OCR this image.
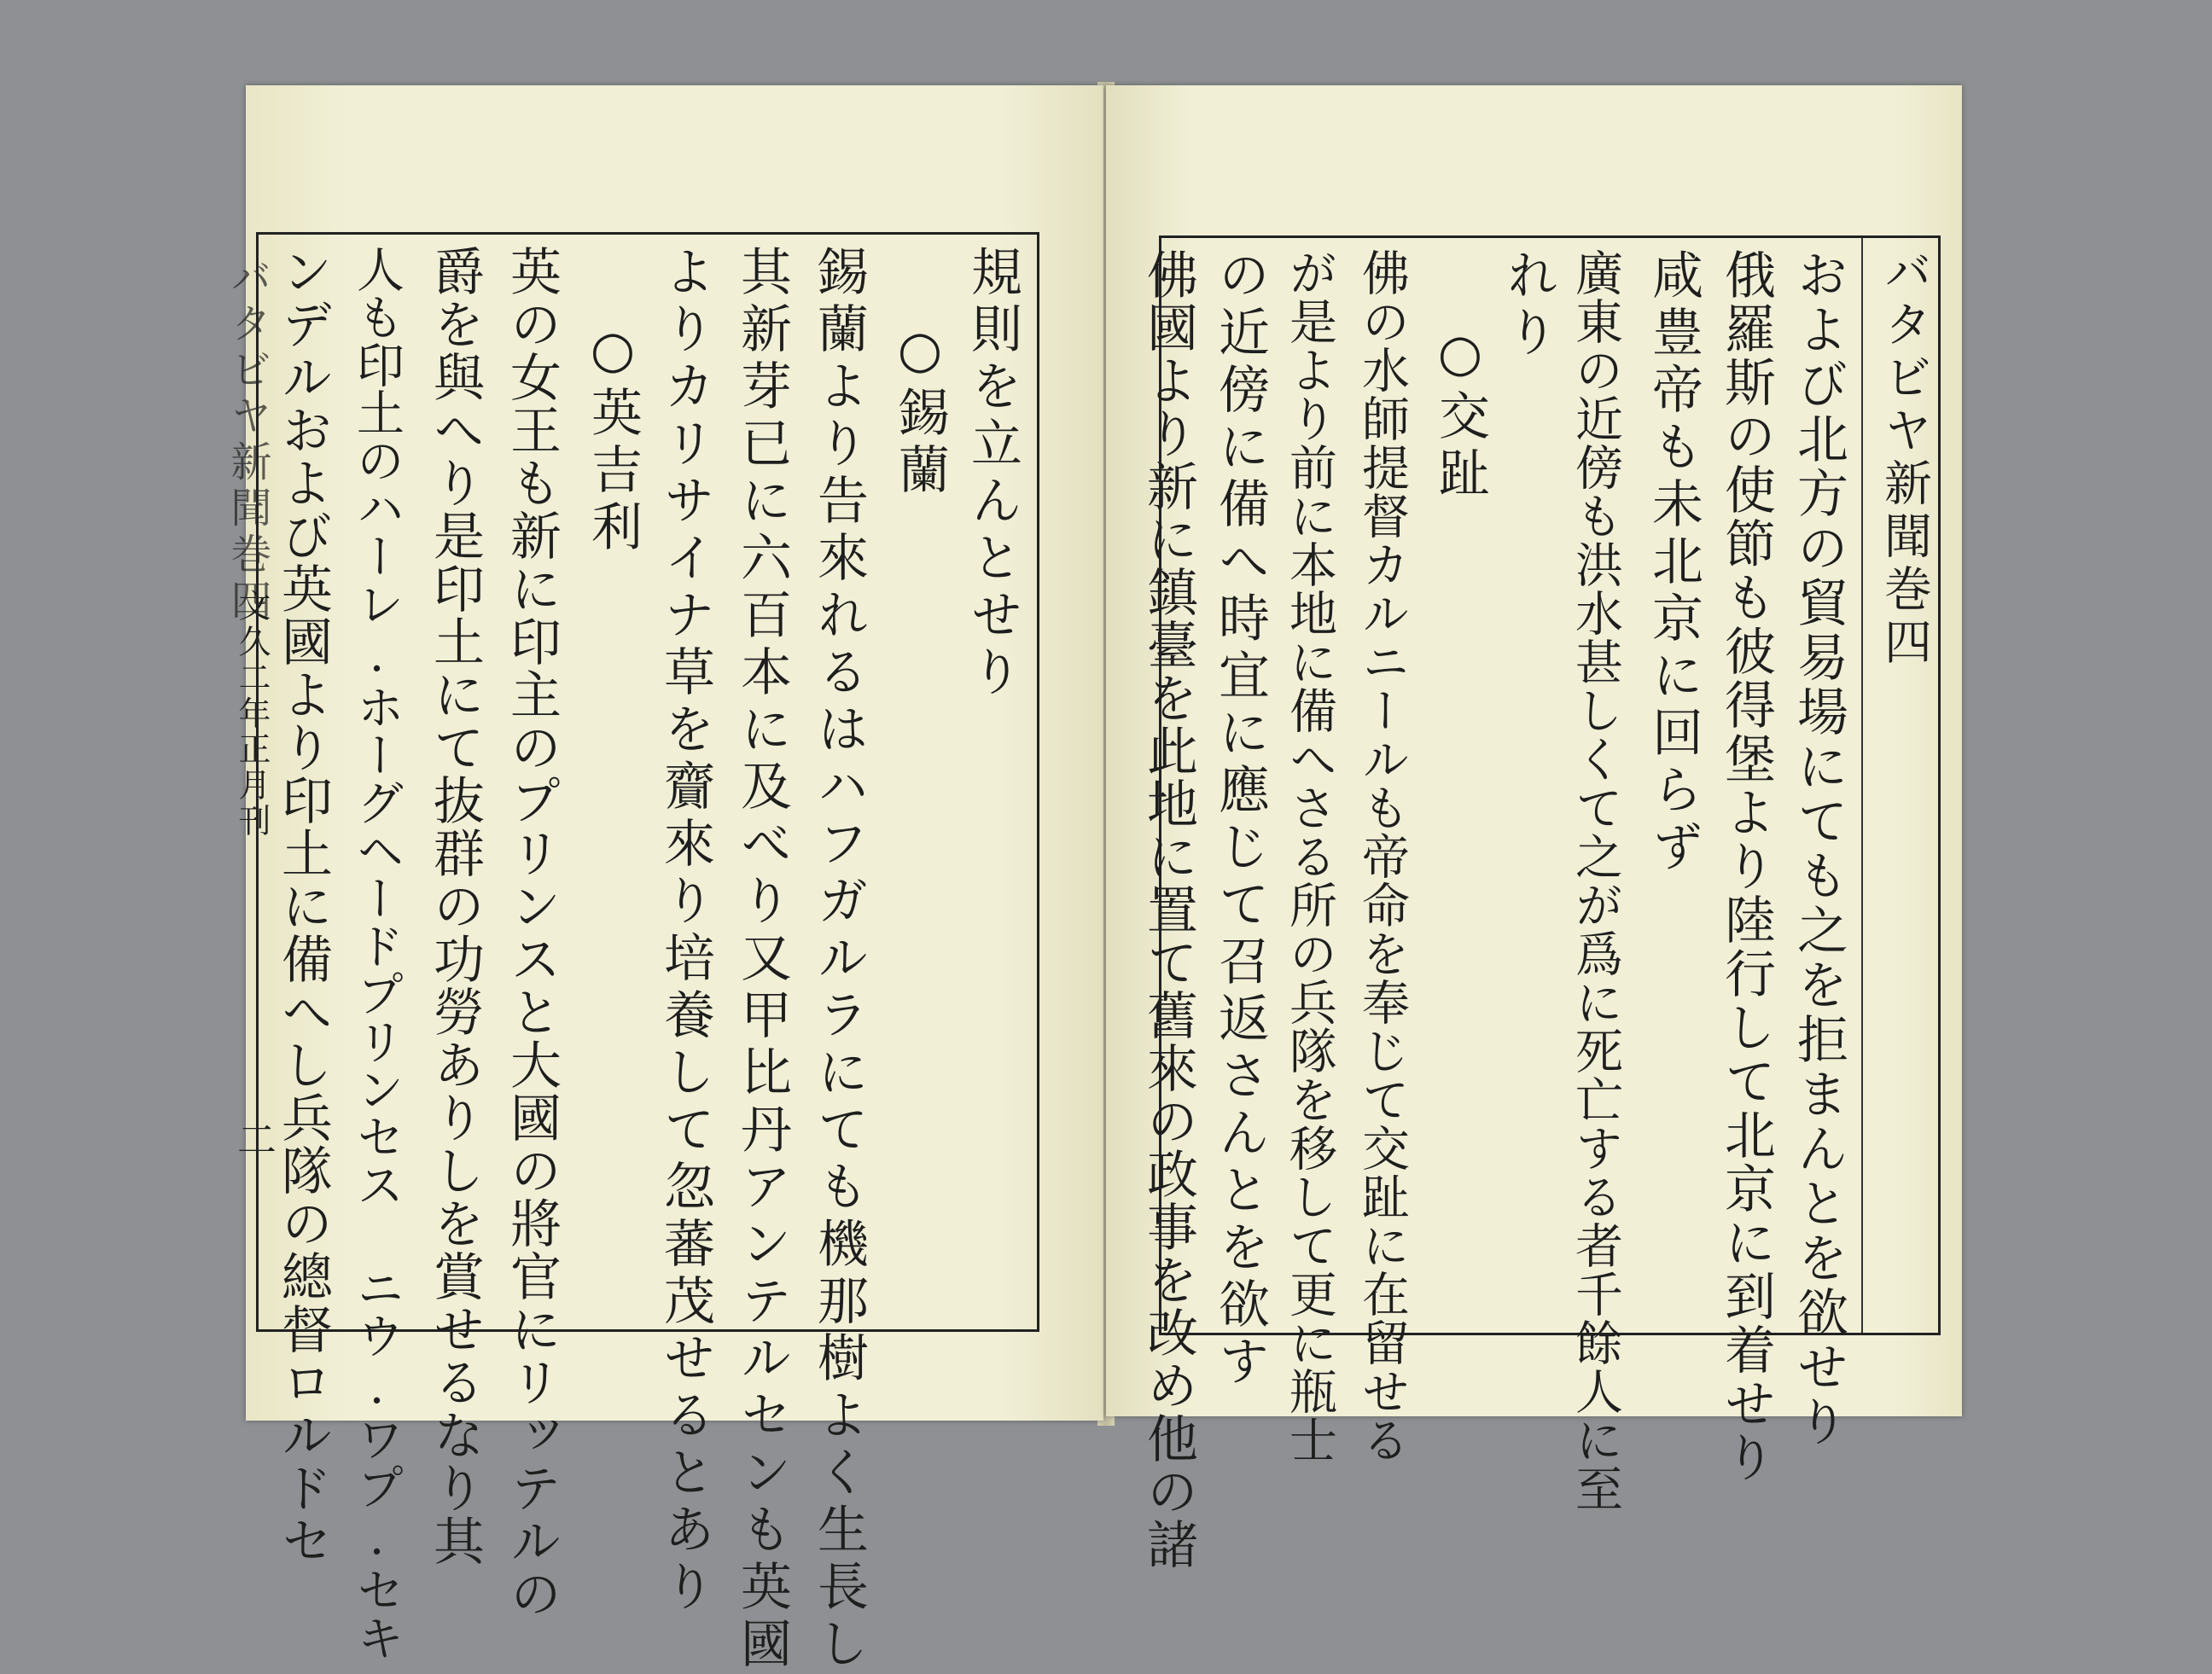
バタビヤ新聞巻四
文久二年正月刊
二
規則を立んとせり
○錫蘭
錫蘭より告來れるはハフガルラにても機那樹よく生長し
其新芽已に六百本に及べり又甲比丹アンテルセンも英國
よりカリサイナ草を齎來り培養して忽蕃茂せるとあり
○英吉利
英の女王も新に印主のプリンスと大國の將官にリッテルの
爵を與へり是印土にて抜群の功勞ありしを賞せるなり其
人も印土のハーレ.ホーグヘードプリンセス ニウ.ワプ.セキ
ンデルおよび英國より印土に備へし兵隊の總督ロルドセ	バタビヤ新聞巻四
および北方の貿易場にても之を拒まんとを欲せり
俄羅斯の使節も彼得堡より陸行して北京に到着せり
咸豊帝も未北京に回らず
廣東の近傍も洪水甚しくて之が爲に死亡する者千餘人に至
れり
○交趾
佛の水師提督カルニールも帝命を奉じて交趾に在留せる
が是より前に本地に備へさる所の兵隊を移して更に瓶士
の近傍に備へ時宜に應じて召返さんとを欲す
佛國より新に鎮臺を此地に置て舊來の政事を改め他の諸
